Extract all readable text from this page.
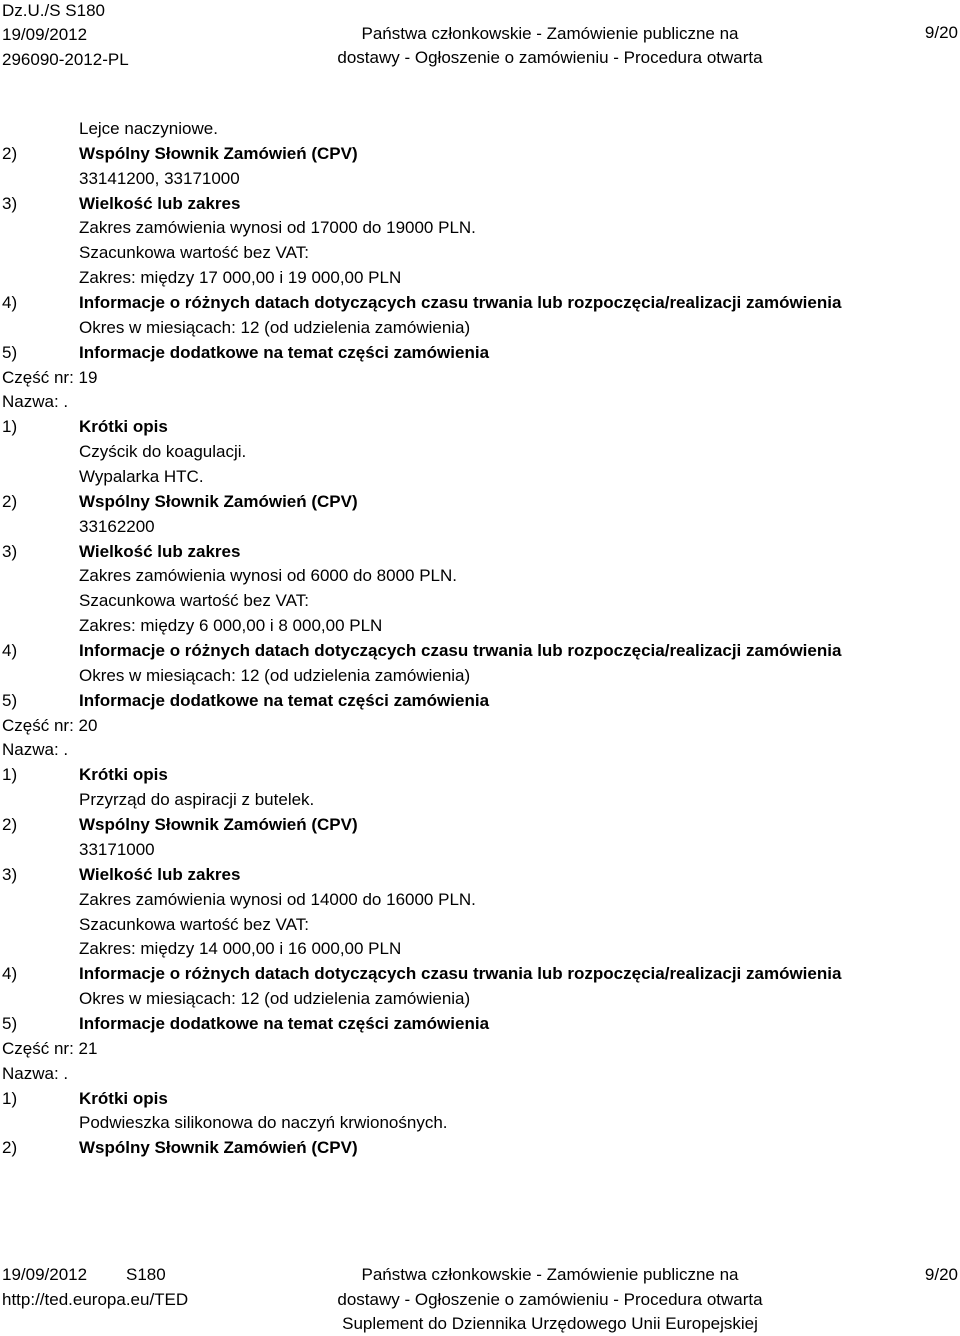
Dz.U./S S180
19/09/2012
296090-2012-PL
Państwa członkowskie - Zamówienie publiczne na
dostawy - Ogłoszenie o zamówieniu - Procedura otwarta
9/20
Lejce naczyniowe.
2)	Wspólny Słownik Zamówień (CPV)
33141200, 33171000
3)	Wielkość lub zakres
Zakres zamówienia wynosi od 17000 do 19000 PLN.
Szacunkowa wartość bez VAT:
Zakres: między 17 000,00 i 19 000,00 PLN
4)	Informacje o różnych datach dotyczących czasu trwania lub rozpoczęcia/realizacji zamówienia
Okres w miesiącach: 12 (od udzielenia zamówienia)
5)	Informacje dodatkowe na temat części zamówienia
Część nr: 19
Nazwa: .
1)	Krótki opis
Czyścik do koagulacji.
Wypalarka HTC.
2)	Wspólny Słownik Zamówień (CPV)
33162200
3)	Wielkość lub zakres
Zakres zamówienia wynosi od 6000 do 8000 PLN.
Szacunkowa wartość bez VAT:
Zakres: między 6 000,00 i 8 000,00 PLN
4)	Informacje o różnych datach dotyczących czasu trwania lub rozpoczęcia/realizacji zamówienia
Okres w miesiącach: 12 (od udzielenia zamówienia)
5)	Informacje dodatkowe na temat części zamówienia
Część nr: 20
Nazwa: .
1)	Krótki opis
Przyrząd do aspiracji z butelek.
2)	Wspólny Słownik Zamówień (CPV)
33171000
3)	Wielkość lub zakres
Zakres zamówienia wynosi od 14000 do 16000 PLN.
Szacunkowa wartość bez VAT:
Zakres: między 14 000,00 i 16 000,00 PLN
4)	Informacje o różnych datach dotyczących czasu trwania lub rozpoczęcia/realizacji zamówienia
Okres w miesiącach: 12 (od udzielenia zamówienia)
5)	Informacje dodatkowe na temat części zamówienia
Część nr: 21
Nazwa: .
1)	Krótki opis
Podwieszka silikonowa do naczyń krwionośnych.
2)	Wspólny Słownik Zamówień (CPV)
19/09/2012 S180
http://ted.europa.eu/TED
Państwa członkowskie - Zamówienie publiczne na
dostawy - Ogłoszenie o zamówieniu - Procedura otwarta
Suplement do Dziennika Urzędowego Unii Europejskiej
9/20
